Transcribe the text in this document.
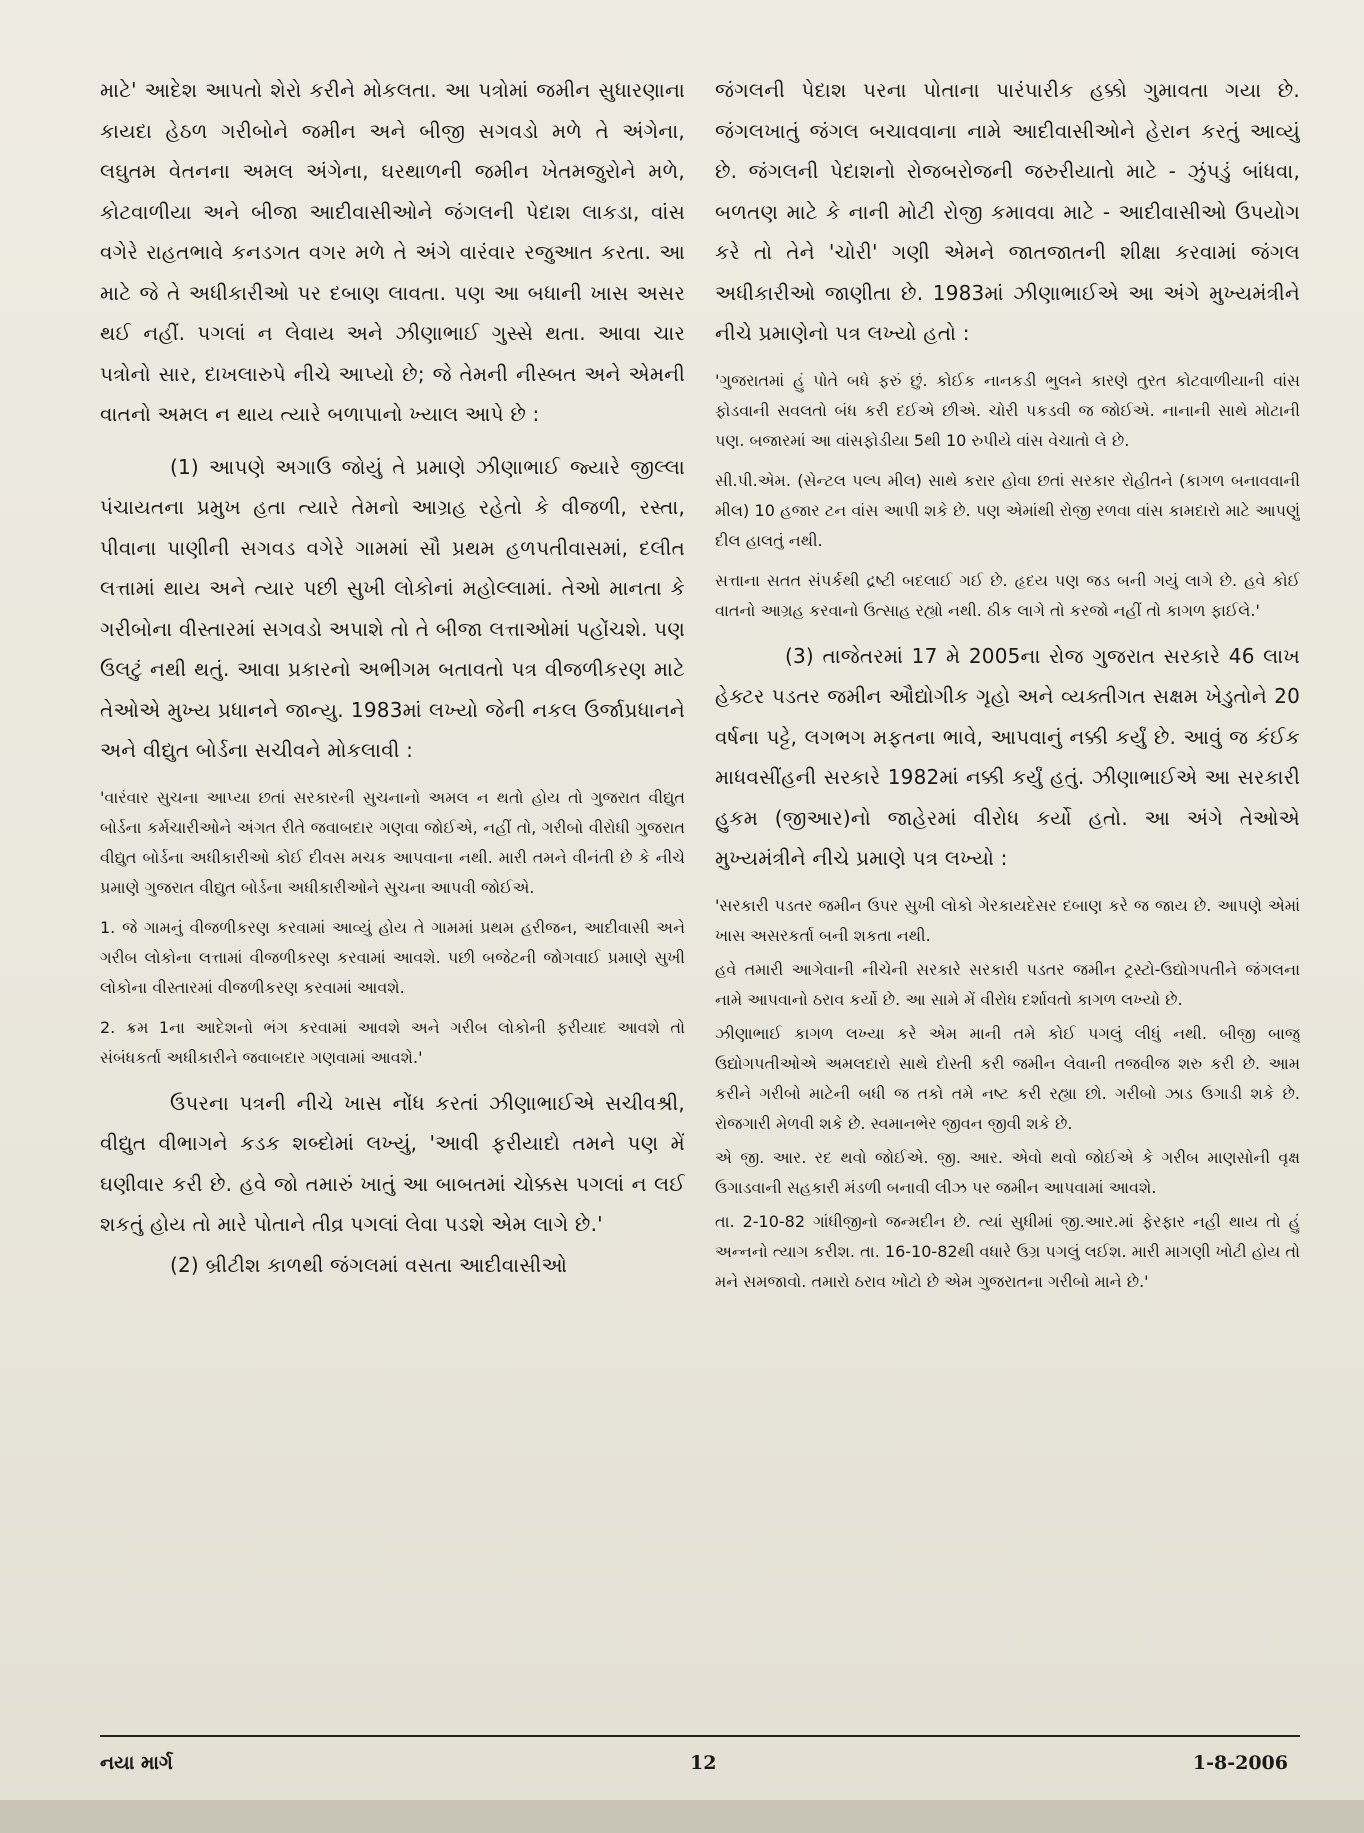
માટે' આદેશ આપતો શેરો કરીને મોકલતા. આ પત્રોમાં જમીન સુધારણાના કાયદા હેઠળ ગરીબોને જમીન અને બીજી સગવડો મળે તે અંગેના, લઘુતમ વેતનના અમલ અંગેના, ઘરથાળની જમીન ખેતમજુરોને મળે, કોટવાળીયા અને બીજા આદીવાસીઓને જંગલની પેદાશ લાકડા, વાંસ વગેરે રાહતભાવે કનડગત વગર મળે તે અંગે વારંવાર રજુઆત કરતા. આ માટે જે તે અધીકારીઓ પર દબાણ લાવતા. પણ આ બધાની ખાસ અસર થઈ નહીં. પગલાં ન લેવાય અને ઝીણાભાઈ ગુસ્સે થતા. આવા ચાર પત્રોનો સાર, દાખલારુપે નીચે આપ્યો છે; જે તેમની નીસ્બત અને એમની વાતનો અમલ ન થાય ત્યારે બળાપાનો ખ્યાલ આપે છે :

(1) આપણે અગાઉ જોયું તે પ્રમાણે ઝીણાભાઈ જ્યારે જીલ્લા પંચાયતના પ્રમુખ હતા ત્યારે તેમનો આગ્રહ રહેતો કે વીજળી, રસ્તા, પીવાના પાણીની સગવડ વગેરે ગામમાં સૌ પ્રથમ હળપતીવાસમાં, દલીત લત્તામાં થાય અને ત્યાર પછી સુખી લોકોનાં મહોલ્લામાં. તેઓ માનતા કે ગરીબોના વીસ્તારમાં સગવડો અપાશે તો તે બીજા લત્તાઓમાં પહોંચશે. પણ ઉલટું નથી થતું. આવા પ્રકારનો અભીગમ બતાવતો પત્ર વીજળીકરણ માટે તેઓએ મુખ્ય પ્રધાનને જાન્યુ. 1983માં લખ્યો જેની નકલ ઉર્જાપ્રધાનને અને વીદ્યુત બોર્ડના સચીવને મોકલાવી :

'વારંવાર સુચના આપ્યા છતાં સરકારની સુચનાનો અમલ ન થતો હોય તો ગુજરાત વીદ્યુત બોર્ડના કર્મચારીઓને અંગત રીતે જવાબદાર ગણવા જોઈએ, નહીં તો, ગરીબો વીરોધી ગુજરાત વીદ્યુત બોર્ડના અધીકારીઓ કોઈ દીવસ મચક આપવાના નથી. મારી તમને વીનંતી છે કે નીચે પ્રમાણે ગુજરાત વીદ્યુત બોર્ડના અધીકારીઓને સુચના આપવી જોઈએ.

1. જે ગામનું વીજળીકરણ કરવામાં આવ્યું હોય તે ગામમાં પ્રથમ હરીજન, આદીવાસી અને ગરીબ લોકોના લત્તામાં વીજળીકરણ કરવામાં આવશે. પછી બજેટની જોગવાઈ પ્રમાણે સુખી લોકોના વીસ્તારમાં વીજળીકરણ કરવામાં આવશે.

2. ક્રમ 1ના આદેશનો ભંગ કરવામાં આવશે અને ગરીબ લોકોની ફરીયાદ આવશે તો સંબંધકર્તા અધીકારીને જવાબદાર ગણવામાં આવશે.'

ઉપરના પત્રની નીચે ખાસ નોંધ કરતાં ઝીણાભાઈએ સચીવશ્રી, વીદ્યુત વીભાગને કડક શબ્દોમાં લખ્યું, 'આવી ફરીયાદો તમને પણ મેં ઘણીવાર કરી છે. હવે જો તમારું ખાતું આ બાબતમાં ચોક્કસ પગલાં ન લઈ શકતું હોય તો મારે પોતાને તીવ્ર પગલાં લેવા પડશે એમ લાગે છે.'

(2) બ્રીટીશ કાળથી જંગલમાં વસતા આદીવાસીઓ

જંગલની પેદાશ પરના પોતાના પારંપારીક હક્કો ગુમાવતા ગયા છે. જંગલખાતું જંગલ બચાવવાના નામે આદીવાસીઓને હેરાન કરતું આવ્યું છે. જંગલની પેદાશનો રોજબરોજની જરુરીયાતો માટે - ઝુંપડું બાંધવા, બળતણ માટે કે નાની મોટી રોજી કમાવવા માટે - આદીવાસીઓ ઉપયોગ કરે તો તેને 'ચોરી' ગણી એમને જાતજાતની શીક્ષા કરવામાં જંગલ અધીકારીઓ જાણીતા છે. 1983માં ઝીણાભાઈએ આ અંગે મુખ્યમંત્રીને નીચે પ્રમાણેનો પત્ર લખ્યો હતો :

'ગુજરાતમાં હું પોતે બધે ફરું છું. કોઈક નાનકડી ભુલને કારણે તુરત કોટવાળીયાની વાંસ ફોડવાની સવલતો બંધ કરી દઈએ છીએ. ચોરી પકડવી જ જોઈએ. નાનાની સાથે મોટાની પણ. બજારમાં આ વાંસફોડીયા 5થી 10 રુપીયે વાંસ વેચાતો લે છે.

સી.પી.એમ. (સેન્ટલ પલ્પ મીલ) સાથે કરાર હોવા છતાં સરકાર રોહીતને (કાગળ બનાવવાની મીલ) 10 હજાર ટન વાંસ આપી શકે છે. પણ એમાંથી રોજી રળવા વાંસ કામદારો માટે આપણું દીલ હાલતું નથી.

સત્તાના સતત સંપર્કથી દ્રષ્ટી બદલાઈ ગઈ છે. હૃદય પણ જડ બની ગયું લાગે છે. હવે કોઈ વાતનો આગ્રહ કરવાનો ઉત્સાહ રહ્યો નથી. ઠીક લાગે તો કરજો નહીં તો કાગળ ફાઈલે.'

(3) તાજેતરમાં 17 મે 2005ના રોજ ગુજરાત સરકારે 46 લાખ હેક્ટર પડતર જમીન ઔદ્યોગીક ગૃહો અને વ્યક્તીગત સક્ષમ ખેડુતોને 20 વર્ષના પટ્ટે, લગભગ મફતના ભાવે, આપવાનું નક્કી કર્યું છે. આવું જ કંઈક માધવસીંહની સરકારે 1982માં નક્કી કર્યું હતું. ઝીણાભાઈએ આ સરકારી હુકમ (જીઆર)નો જાહેરમાં વીરોધ કર્યો હતો. આ અંગે તેઓએ મુખ્યમંત્રીને નીચે પ્રમાણે પત્ર લખ્યો :

'સરકારી પડતર જમીન ઉપર સુખી લોકો ગેરકાયદેસર દબાણ કરે જ જાય છે. આપણે એમાં ખાસ અસરકર્તા બની શકતા નથી.

હવે તમારી આગેવાની નીચેની સરકારે સરકારી પડતર જમીન ટ્રસ્ટો-ઉદ્યોગપતીને જંગલના નામે આપવાનો ઠરાવ કર્યો છે. આ સામે મેં વીરોધ દર્શાવતો કાગળ લખ્યો છે.

ઝીણાભાઈ કાગળ લખ્યા કરે એમ માની તમે કોઈ પગલું લીધું નથી. બીજી બાજુ ઉદ્યોગપતીઓએ અમલદારો સાથે દોસ્તી કરી જમીન લેવાની તજવીજ શરુ કરી છે. આમ કરીને ગરીબો માટેની બધી જ તકો તમે નષ્ટ કરી રહ્યા છો. ગરીબો ઝાડ ઉગાડી શકે છે. રોજગારી મેળવી શકે છે. સ્વમાનભેર જીવન જીવી શકે છે.

એ જી. આર. રદ થવો જોઈએ. જી. આર. એવો થવો જોઈએ કે ગરીબ માણસોની વૃક્ષ ઉગાડવાની સહકારી મંડળી બનાવી લીઝ પર જમીન આપવામાં આવશે.

તા. 2-10-82 ગાંધીજીનો જન્મદીન છે. ત્યાં સુધીમાં જી.આર.માં ફેરફાર નહી થાય તો હું અન્નનો ત્યાગ કરીશ. તા. 16-10-82થી વધારે ઉગ્ર પગલું લઈશ. મારી માગણી ખોટી હોય તો મને સમજાવો. તમારો ઠરાવ ખોટો છે એમ ગુજરાતના ગરીબો માને છે.'

નયા માર્ગ	12	1-8-2006
